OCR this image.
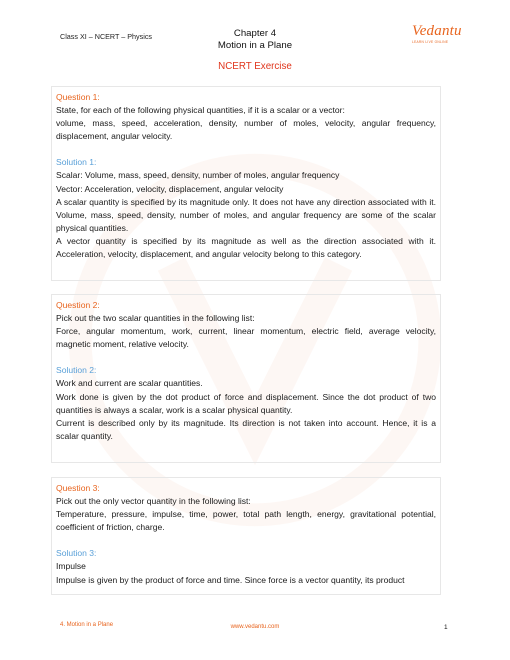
Class XI – NCERT – Physics	Chapter 4
Motion in a Plane
Vedantu
LEARN LIVE ONLINE
NCERT Exercise
Question 1:

State, for each of the following physical quantities, if it is a scalar or a vector:

volume, mass, speed, acceleration, density, number of moles, velocity, angular frequency, displacement, angular velocity.

Solution 1:

Scalar: Volume, mass, speed, density, number of moles, angular frequency

Vector: Acceleration, velocity, displacement, angular velocity

A scalar quantity is specified by its magnitude only. It does not have any direction associated with it. Volume, mass, speed, density, number of moles, and angular frequency are some of the scalar physical quantities.

A vector quantity is specified by its magnitude as well as the direction associated with it. Acceleration, velocity, displacement, and angular velocity belong to this category.

Question 2:

Pick out the two scalar quantities in the following list:

Force, angular momentum, work, current, linear momentum, electric field, average velocity, magnetic moment, relative velocity.

Solution 2:

Work and current are scalar quantities.

Work done is given by the dot product of force and displacement. Since the dot product of two quantities is always a scalar, work is a scalar physical quantity.

Current is described only by its magnitude. Its direction is not taken into account. Hence, it is a scalar quantity.

Question 3:

Pick out the only vector quantity in the following list:

Temperature, pressure, impulse, time, power, total path length, energy, gravitational potential, coefficient of friction, charge.

Solution 3:

Impulse

Impulse is given by the product of force and time. Since force is a vector quantity, its product

4. Motion in a Plane	www.vedantu.com	1
